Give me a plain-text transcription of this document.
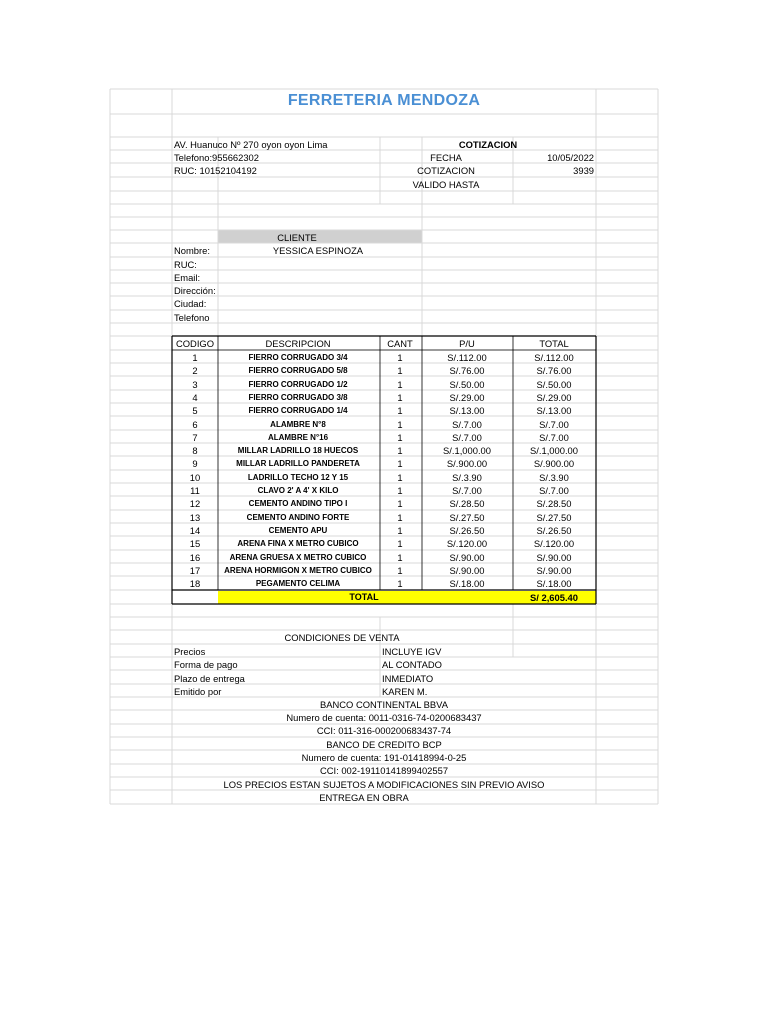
FERRETERIA MENDOZA
AV. Huanuco Nº 270 oyon oyon Lima
Telefono:955662302
RUC: 10152104192
COTIZACION
FECHA	10/05/2022
COTIZACION	3939
VALIDO HASTA
CLIENTE
Nombre:	YESSICA ESPINOZA
RUC:
Email:
Dirección:
Ciudad:
Telefono
CODIGO	DESCRIPCION	CANT	P/U	TOTAL
1	FIERRO CORRUGADO 3/4	1	S/.112.00	S/.112.00
2	FIERRO CORRUGADO 5/8	1	S/.76.00	S/.76.00
3	FIERRO CORRUGADO 1/2	1	S/.50.00	S/.50.00
4	FIERRO CORRUGADO 3/8	1	S/.29.00	S/.29.00
5	FIERRO CORRUGADO 1/4	1	S/.13.00	S/.13.00
6	ALAMBRE N°8	1	S/.7.00	S/.7.00
7	ALAMBRE N°16	1	S/.7.00	S/.7.00
8	MILLAR LADRILLO 18 HUECOS	1	S/.1,000.00	S/.1,000.00
9	MILLAR LADRILLO PANDERETA	1	S/.900.00	S/.900.00
10	LADRILLO TECHO 12 Y 15	1	S/.3.90	S/.3.90
11	CLAVO 2' A 4' X KILO	1	S/.7.00	S/.7.00
12	CEMENTO ANDINO TIPO I	1	S/.28.50	S/.28.50
13	CEMENTO ANDINO FORTE	1	S/.27.50	S/.27.50
14	CEMENTO APU	1	S/.26.50	S/.26.50
15	ARENA FINA X METRO CUBICO	1	S/.120.00	S/.120.00
16	ARENA GRUESA X METRO CUBICO	1	S/.90.00	S/.90.00
17	ARENA HORMIGON X METRO CUBICO	1	S/.90.00	S/.90.00
18	PEGAMENTO CELIMA	1	S/.18.00	S/.18.00
TOTAL	S/ 2,605.40
CONDICIONES DE VENTA
Precios	INCLUYE IGV
Forma de pago	AL CONTADO
Plazo de entrega	INMEDIATO
Emitido por	KAREN M.
BANCO CONTINENTAL BBVA
Numero de cuenta: 0011-0316-74-0200683437
CCI: 011-316-000200683437-74
BANCO DE CREDITO BCP
Numero de cuenta: 191-01418994-0-25
CCI: 002-19110141899402557
LOS PRECIOS ESTAN SUJETOS A MODIFICACIONES SIN PREVIO AVISO
ENTREGA EN OBRA
